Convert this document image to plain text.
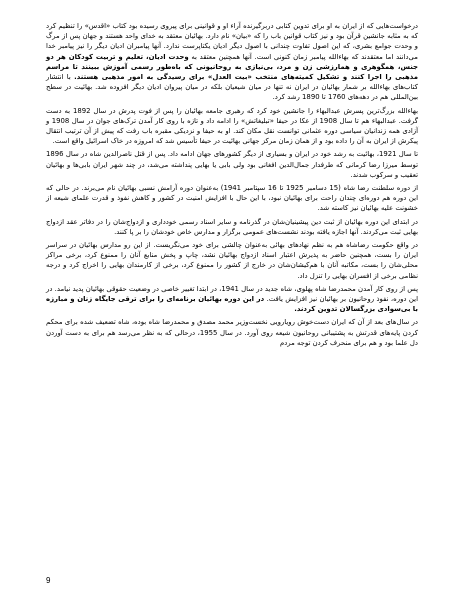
درخواست‌هایی که از ایران به او برای تدوین کتابی دربرگیرنده آراء او و قوانینی برای پیروی رسیده بود کتاب «اقدس» را تنظیم کرد که به مثابه جانشین قرآن بود و نیز کتاب قوانین باب را که «بیان» نام دارد. بهائیان معتقد به خدای واحد هستند و جهان پس از مرگ و وحدت جوامع بشری، که این اصول تفاوت چندانی با اصول دیگر ادیان یکتاپرست ندارد. آنها پیامبران ادیان دیگر را نیز پیامبر خدا می‌دانند اما معتقدند که بهاءالله پیامبر زمان کنونی است. آنها همچنین معتقد به وحدت ادیان، تعلیم و تربیت کودکان هر دو جنس، همگوهری و همارزشی زن و مرد، بی‌نیازی به روحانیونی که باه‌طور رسمی آموزش ببینند تا مراسم مذهبی را اجرا کنند و تشکیل کمیته‌های منتخب «بیت العدل» برای رسیدگی به امور مذهبی هستند. با انتشار کتاب‌های بهاءالله بر شمار بهائیان در ایران نه تنها در میان شیعیان بلکه در میان پیروان ادیان دیگر افزوده شد. بهائیت در سطح بین‌المللی هم در دهه‌های 1760 تا 1890 رشد کرد.

بهاءالله بزرگ‌ترین پسرش عبدالبهاء را جانشین خود کرد که رهبری جامعه بهائیان را پس از فوت پدرش در سال 1892 به دست گرفت. عبدالبهاء هم تا سال 1908 از عکا در حیفا «تبلیغاتش» را ادامه داد و تازه با روی کار آمدن ترک‌های جوان در سال 1908 و آزادی همه زندانیان سیاسی دوره عثمانی توانست نقل مکان کند. او به حیفا و نزدیکی مقبره باب رفت که پیش از آن ترتیب انتقال پیکرش از ایران به آن را داده بود و از همان زمان مرکز جهانی بهائیت در حیفا تأسیس شد که امروزه در خاک اسرائیل واقع است.

تا سال 1921، بهائیت به رشد خود در ایران و بسیاری از دیگر کشورهای جهان ادامه داد. پس از قتل ناصرالدین شاه در سال 1896 توسط میرزا رضا کرمانی که طرفدار جمال‌الدین افغانی بود ولی بابی یا بهایی پنداشته می‌شد، در چند شهر ایران بابی‌ها و بهائیان تعقیب و سرکوب شدند.

از دوره سلطنت رضا شاه (15 دسامبر 1925 تا 16 سپتامبر 1941) به‌عنوان دوره آرامش نسبی بهائیان نام می‌برند. در حالی که این دوره هم دوره‌ای چندان راحت برای بهائیان نبود، با این حال با افزایش امنیت در کشور و کاهش نفوذ و قدرت علمای شیعه از خشونت علیه بهائیان نیز کاسته شد.

در ابتدای این دوره بهائیان از ثبت دین پیشینیان‌شان در گذرنامه و سایر اسناد رسمی خودداری و ازدواج‌شان را در دفاتر عقد ازدواج بهایی ثبت می‌کردند. آنها اجازه یافته بودند نشست‌های عمومی برگزار و مدارس خاص خودشان را بر پا کنند.

در واقع حکومت رضاشاه هم به نظم نهادهای بهائی به‌عنوان چالشی برای خود می‌نگریست. از این رو مدارس بهائیان در سراسر ایران را بست، همچنین حاضر به پذیرش اعتبار اسناد ازدواج بهائیان نشد، چاپ و پخش منابع آنان را ممنوع کرد، برخی مراکز محلی‌شان را بست، مکاتبه آنان با هم‌کیشان‌شان در خارج از کشور را ممنوع کرد، برخی از کارمندان بهایی را اخراج کرد و درجه نظامی برخی از افسران بهایی را تنزل داد.

پس از روی کار آمدن محمدرضا شاه پهلوی، شاه جدید در سال 1941، در ابتدا تغییر خاصی در وضعیت حقوقی بهائیان پدید نیامد. در این دوره، نفوذ روحانیون بر بهائیان نیز افزایش یافت. در این دوره بهائیان برنامه‌ای را برای ترقی جایگاه زنان و مبارزه با بی‌سوادی بزرگسالان تدوین کردند.

در سال‌های بعد از آن که ایران دست‌خوش رویارویی نخست‌وزیر محمد مصدق و محمدرضا شاه بوده، شاه تضعیف شده برای محکم کردن پایه‌های قدرتش به پشتیبانی روحانیون شیعه روی آورد. در سال 1955، درحالی که به نظر می‌رسد هم برای به دست آوردن دل علما بود و هم برای منحرف کردن توجه مردم

9
